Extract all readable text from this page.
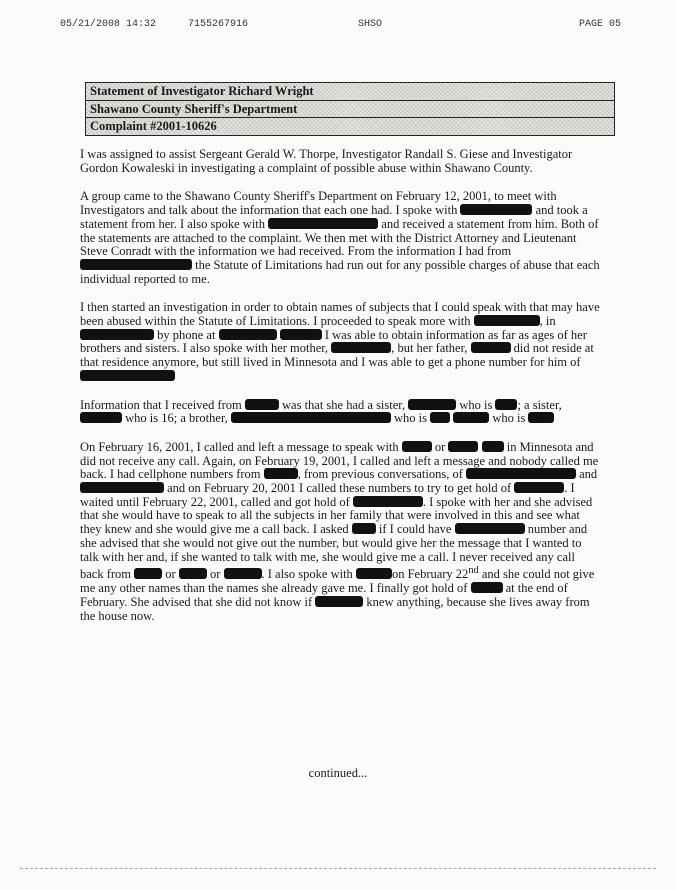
05/21/2008 14:32	7155267916	SHSO	PAGE 05
Statement of Investigator Richard Wright
Shawano County Sheriff's Department
Complaint #2001-10626

I was assigned to assist Sergeant Gerald W. Thorpe, Investigator Randall S. Giese and Investigator Gordon Kowaleski in investigating a complaint of possible abuse within Shawano County.

A group came to the Shawano County Sheriff's Department on February 12, 2001, to meet with Investigators and talk about the information that each one had. I spoke with	and took a statement from her. I also spoke with	and received a statement from him. Both of the statements are attached to the complaint. We then met with the District Attorney and Lieutenant Steve Conradt with the information we had received. From the information I had from  the Statute of Limitations had run out for any possible charges of abuse that each individual reported to me.

I then started an investigation in order to obtain names of subjects that I could speak with that may have been abused within the Statute of Limitations. I proceeded to speak more with	, in  by phone at	I was able to obtain information as far as ages of her brothers and sisters. I also spoke with her mother,	, but her father,	did not reside at that residence anymore, but still lived in Minnesota and I was able to get a phone number for him of

Information that I received from	was that she had a sister,	who is ; a sister,  who is 16; a brother,	who is	who is

On February 16, 2001, I called and left a message to speak with	or	in Minnesota and did not receive any call. Again, on February 19, 2001, I called and left a message and nobody called me back. I had cellphone numbers from	, from previous conversations, of	and  and on February 20, 2001 I called these numbers to try to get hold of	. I waited until February 22, 2001, called and got hold of	. I spoke with her and she advised that she would have to speak to all the subjects in her family that were involved in this and see what they knew and she would give me a call back. I asked if I could have	number and she advised that she would not give out the number, but would give her the message that I wanted to talk with her and, if she wanted to talk with me, she would give me a call. I never received any call back from	or	or	. I also spoke with	on February 22nd and she could not give me any other names than the names she already gave me. I finally got hold of	at the end of February. She advised that she did not know if	knew anything, because she lives away from the house now.

continued...
